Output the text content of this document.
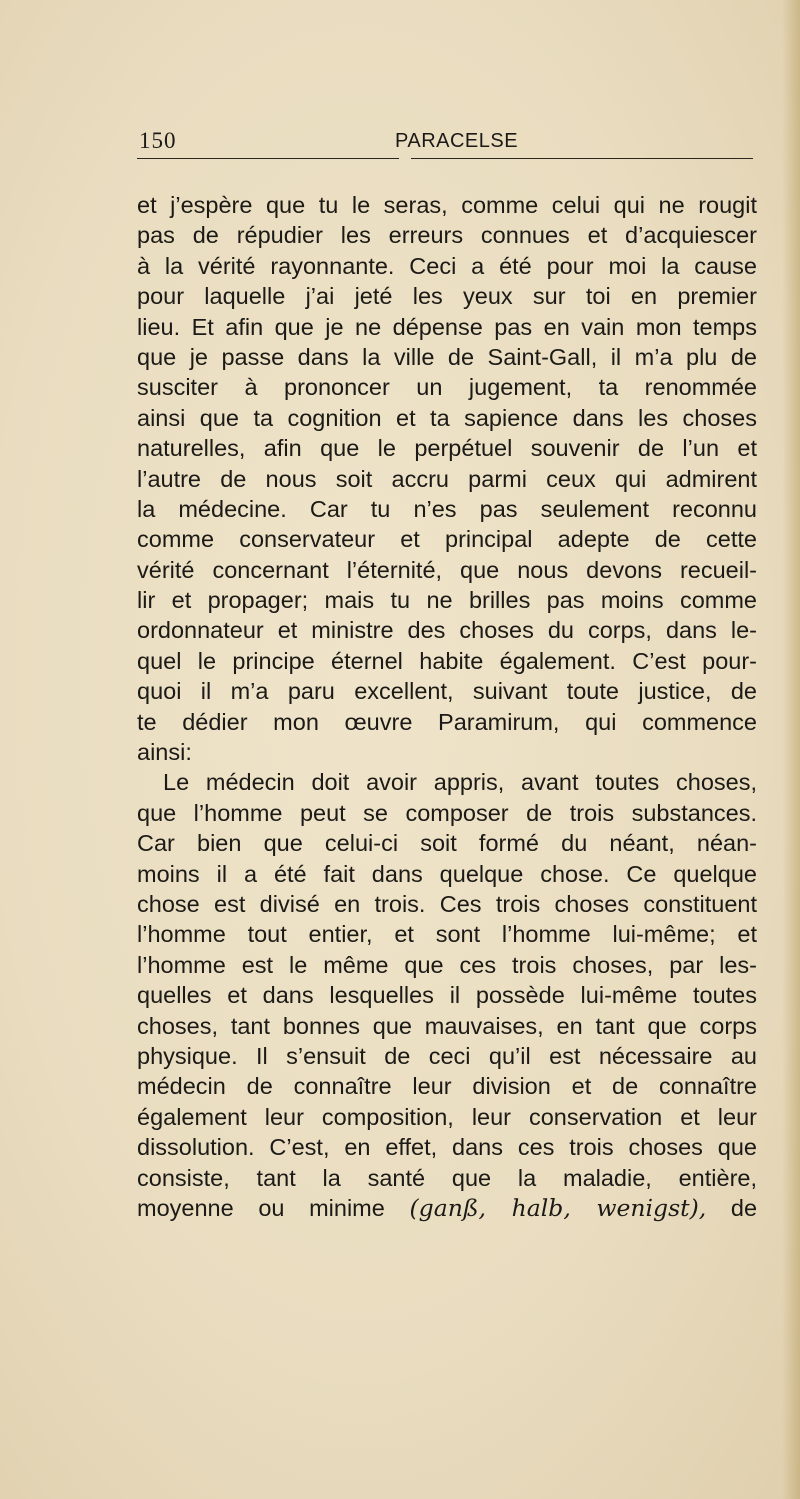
150	PARACELSE
et j’espère que tu le seras, comme celui qui ne rougit
pas de répudier les erreurs connues et d’acquiescer
à la vérité rayonnante. Ceci a été pour moi la cause
pour laquelle j’ai jeté les yeux sur toi en premier
lieu. Et afin que je ne dépense pas en vain mon temps
que je passe dans la ville de Saint-Gall, il m’a plu de
susciter à prononcer un jugement, ta renommée
ainsi que ta cognition et ta sapience dans les choses
naturelles, afin que le perpétuel souvenir de l’un et
l’autre de nous soit accru parmi ceux qui admirent
la médecine. Car tu n’es pas seulement reconnu
comme conservateur et principal adepte de cette
vérité concernant l’éternité, que nous devons recueil-
lir et propager; mais tu ne brilles pas moins comme
ordonnateur et ministre des choses du corps, dans le-
quel le principe éternel habite également. C’est pour-
quoi il m’a paru excellent, suivant toute justice, de
te dédier mon œuvre Paramirum, qui commence
ainsi:
Le médecin doit avoir appris, avant toutes choses,
que l’homme peut se composer de trois substances.
Car bien que celui-ci soit formé du néant, néan-
moins il a été fait dans quelque chose. Ce quelque
chose est divisé en trois. Ces trois choses constituent
l’homme tout entier, et sont l’homme lui-même; et
l’homme est le même que ces trois choses, par les-
quelles et dans lesquelles il possède lui-même toutes
choses, tant bonnes que mauvaises, en tant que corps
physique. Il s’ensuit de ceci qu’il est nécessaire au
médecin de connaître leur division et de connaître
également leur composition, leur conservation et leur
dissolution. C’est, en effet, dans ces trois choses que
consiste, tant la santé que la maladie, entière,
moyenne ou minime (ganß, halb, wenigst), de
